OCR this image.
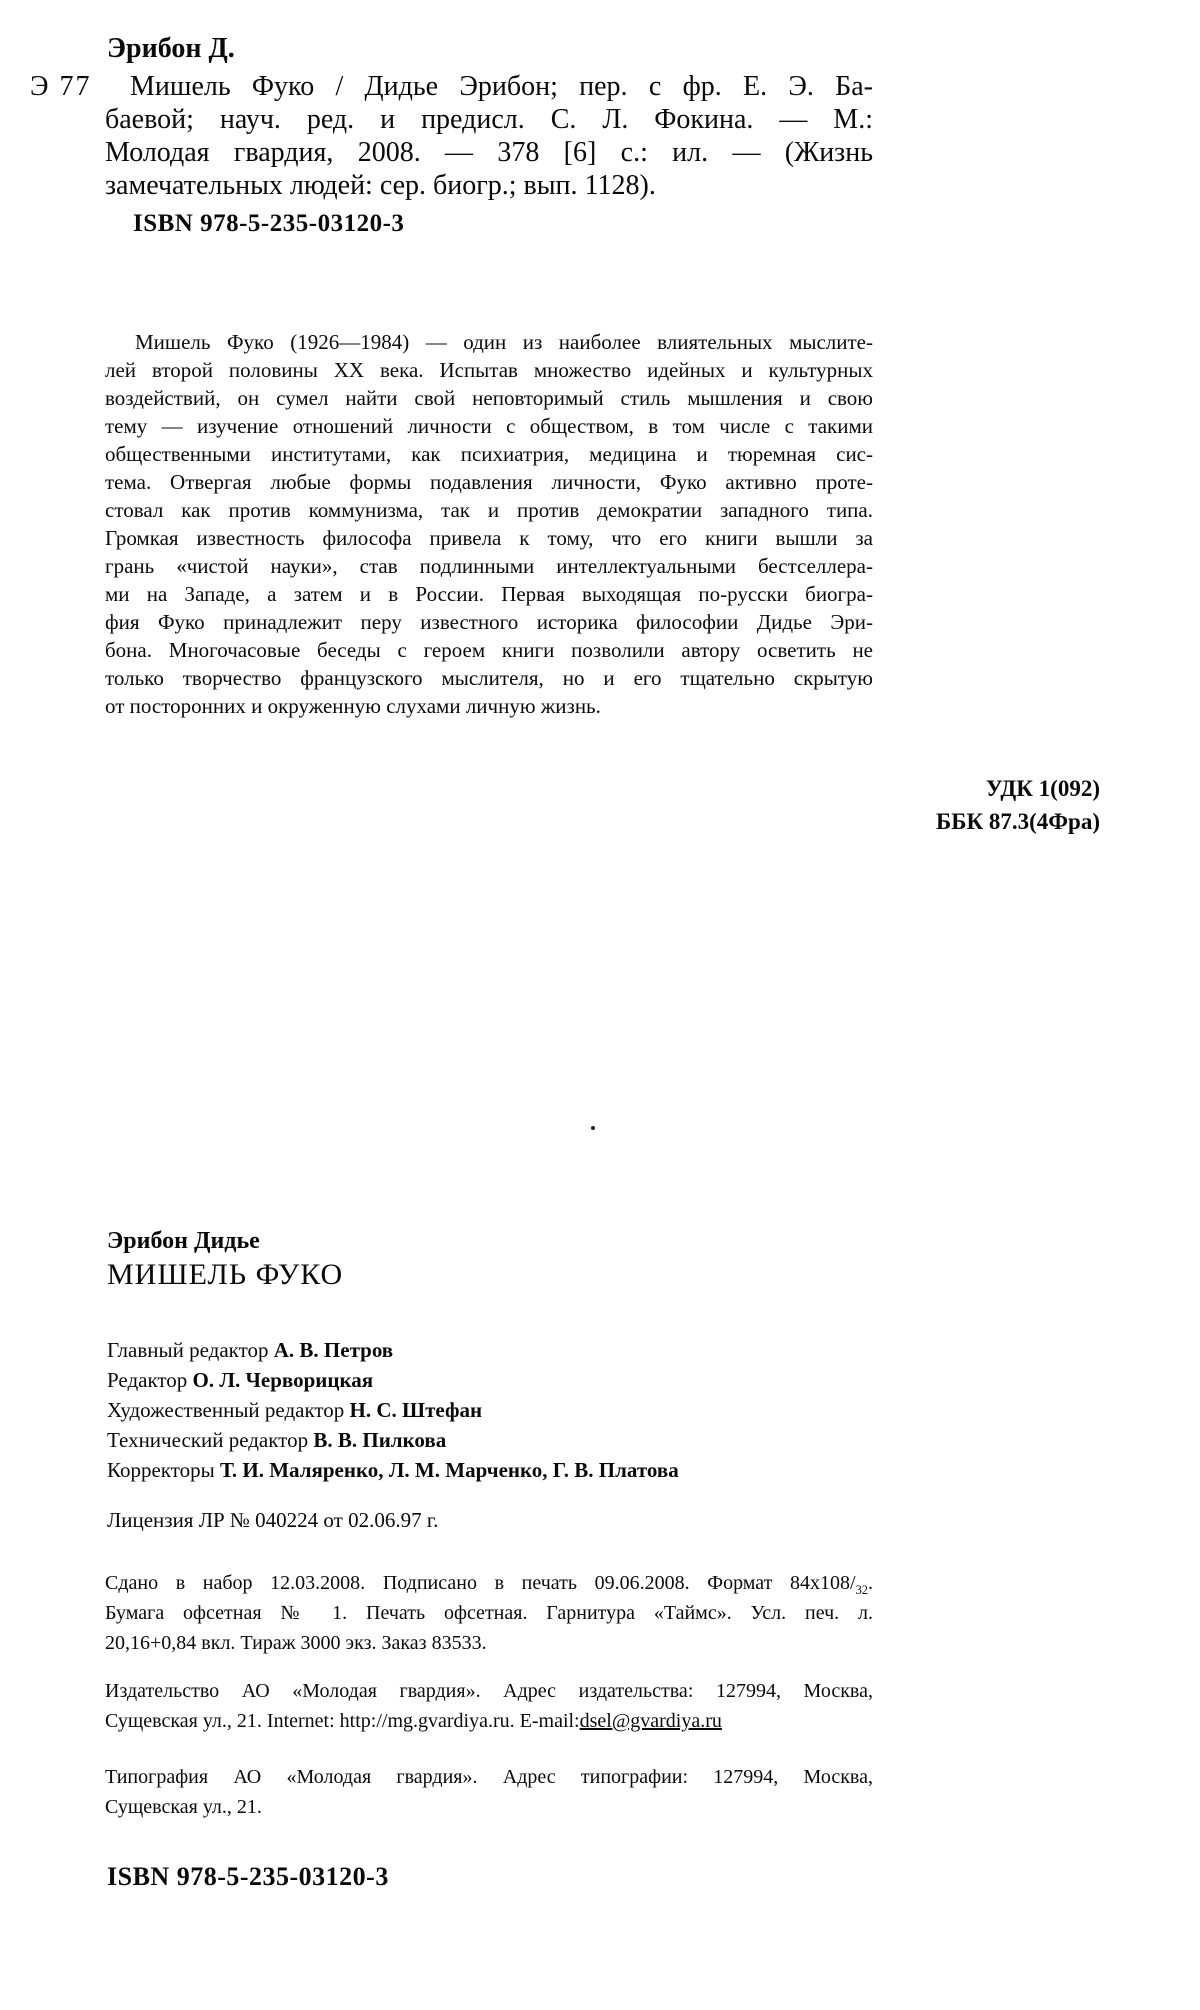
Эрибон Д.
Э 77	Мишель Фуко / Дидье Эрибон; пер. с фр. Е. Э. Ба-
баевой; науч. ред. и предисл. С. Л. Фокина. — М.:
Молодая гвардия, 2008. — 378 [6] с.: ил. — (Жизнь
замечательных людей: сер. биогр.; вып. 1128).
ISBN 978-5-235-03120-3
Мишель Фуко (1926—1984) — один из наиболее влиятельных мыслите-
лей второй половины XX века. Испытав множество идейных и культурных
воздействий, он сумел найти свой неповторимый стиль мышления и свою
тему — изучение отношений личности с обществом, в том числе с такими
общественными институтами, как психиатрия, медицина и тюремная сис-
тема. Отвергая любые формы подавления личности, Фуко активно проте-
стовал как против коммунизма, так и против демократии западного типа.
Громкая известность философа привела к тому, что его книги вышли за
грань «чистой науки», став подлинными интеллектуальными бестселлера-
ми на Западе, а затем и в России. Первая выходящая по-русски биогра-
фия Фуко принадлежит перу известного историка философии Дидье Эри-
бона. Многочасовые беседы с героем книги позволили автору осветить не
только творчество французского мыслителя, но и его тщательно скрытую
от посторонних и окруженную слухами личную жизнь.
УДК 1(092)
ББК 87.3(4Фра)
Эрибон Дидье
МИШЕЛЬ ФУКО
Главный редактор А. В. Петров
Редактор О. Л. Черворицкая
Художественный редактор Н. С. Штефан
Технический редактор В. В. Пилкова
Корректоры Т. И. Маляренко, Л. М. Марченко, Г. В. Платова
Лицензия ЛР № 040224 от 02.06.97 г.
Сдано в набор 12.03.2008. Подписано в печать 09.06.2008. Формат $84х108/_{32}$.
Бумага офсетная № 1. Печать офсетная. Гарнитура «Таймс». Усл. печ. л.
20,16+0,84 вкл. Тираж 3000 экз. Заказ 83533.
Издательство АО «Молодая гвардия». Адрес издательства: 127994, Москва,
Сущевская ул., 21. Internet: http://mg.gvardiya.ru. E-mail:dsel@gvardiya.ru
Типография АО «Молодая гвардия». Адрес типографии: 127994, Москва,
Сущевская ул., 21.
ISBN 978-5-235-03120-3
